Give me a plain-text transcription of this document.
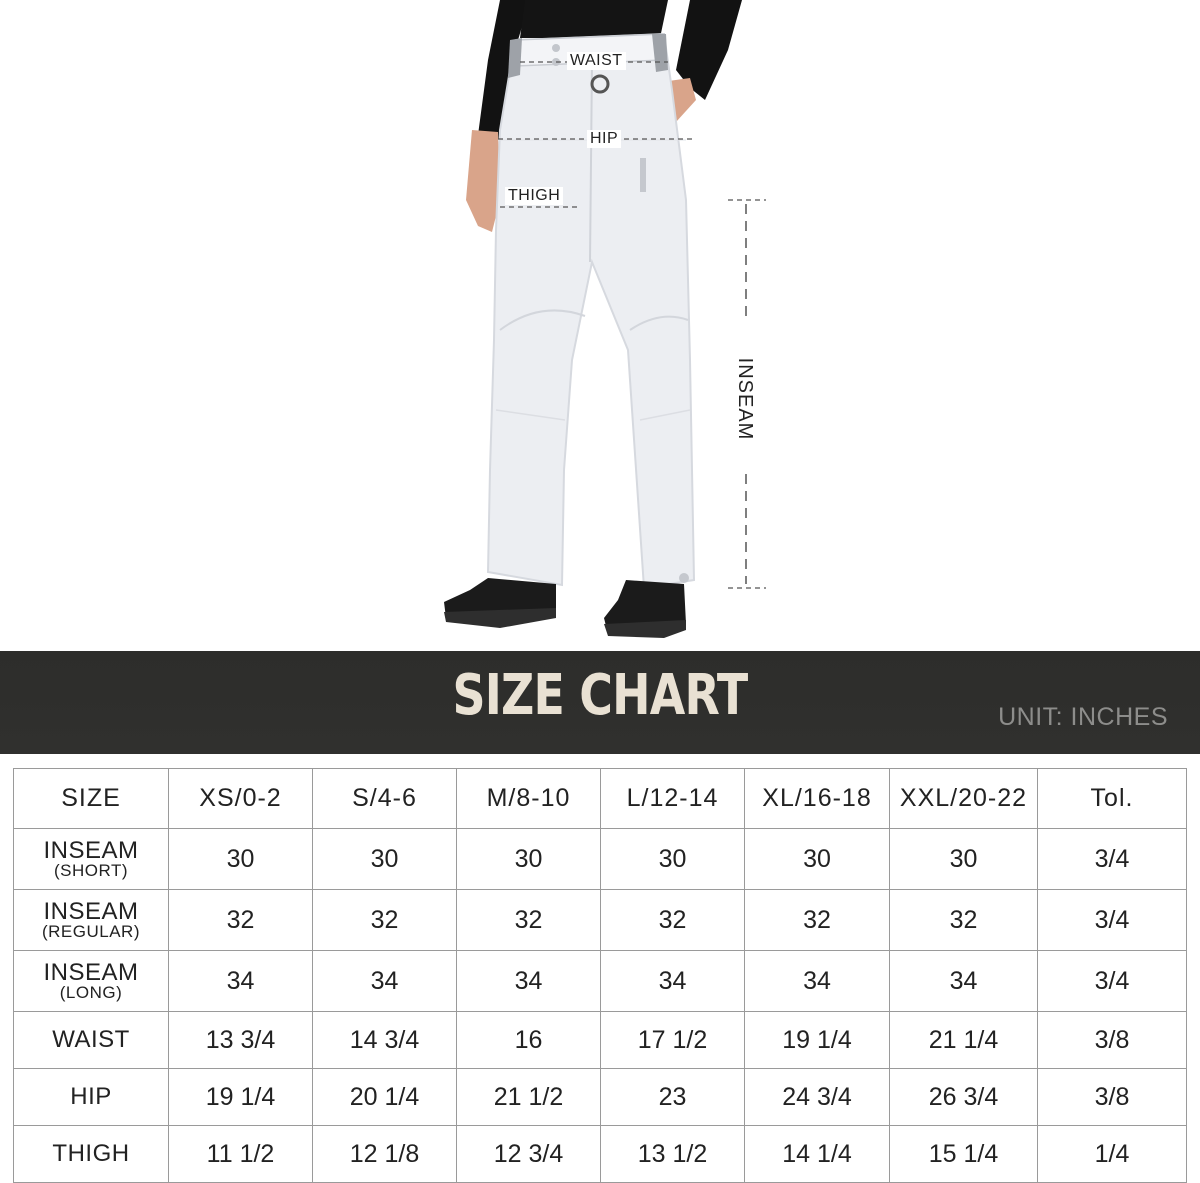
WAIST
HIP
THIGH
INSEAM
SIZE CHART	UNIT: INCHES
SIZE	XS/0-2	S/4-6	M/8-10	L/12-14	XL/16-18	XXL/20-22	Tol.

INSEAM
(SHORT)	30	30	30	30	30	30	3/4

INSEAM
(REGULAR)	32	32	32	32	32	32	3/4

INSEAM
(LONG)	34	34	34	34	34	34	3/4

WAIST	13 3/4	14 3/4	16	17 1/2	19 1/4	21 1/4	3/8

HIP	19 1/4	20 1/4	21 1/2	23	24 3/4	26 3/4	3/8

THIGH	11 1/2	12 1/8	12 3/4	13 1/2	14 1/4	15 1/4	1/4
